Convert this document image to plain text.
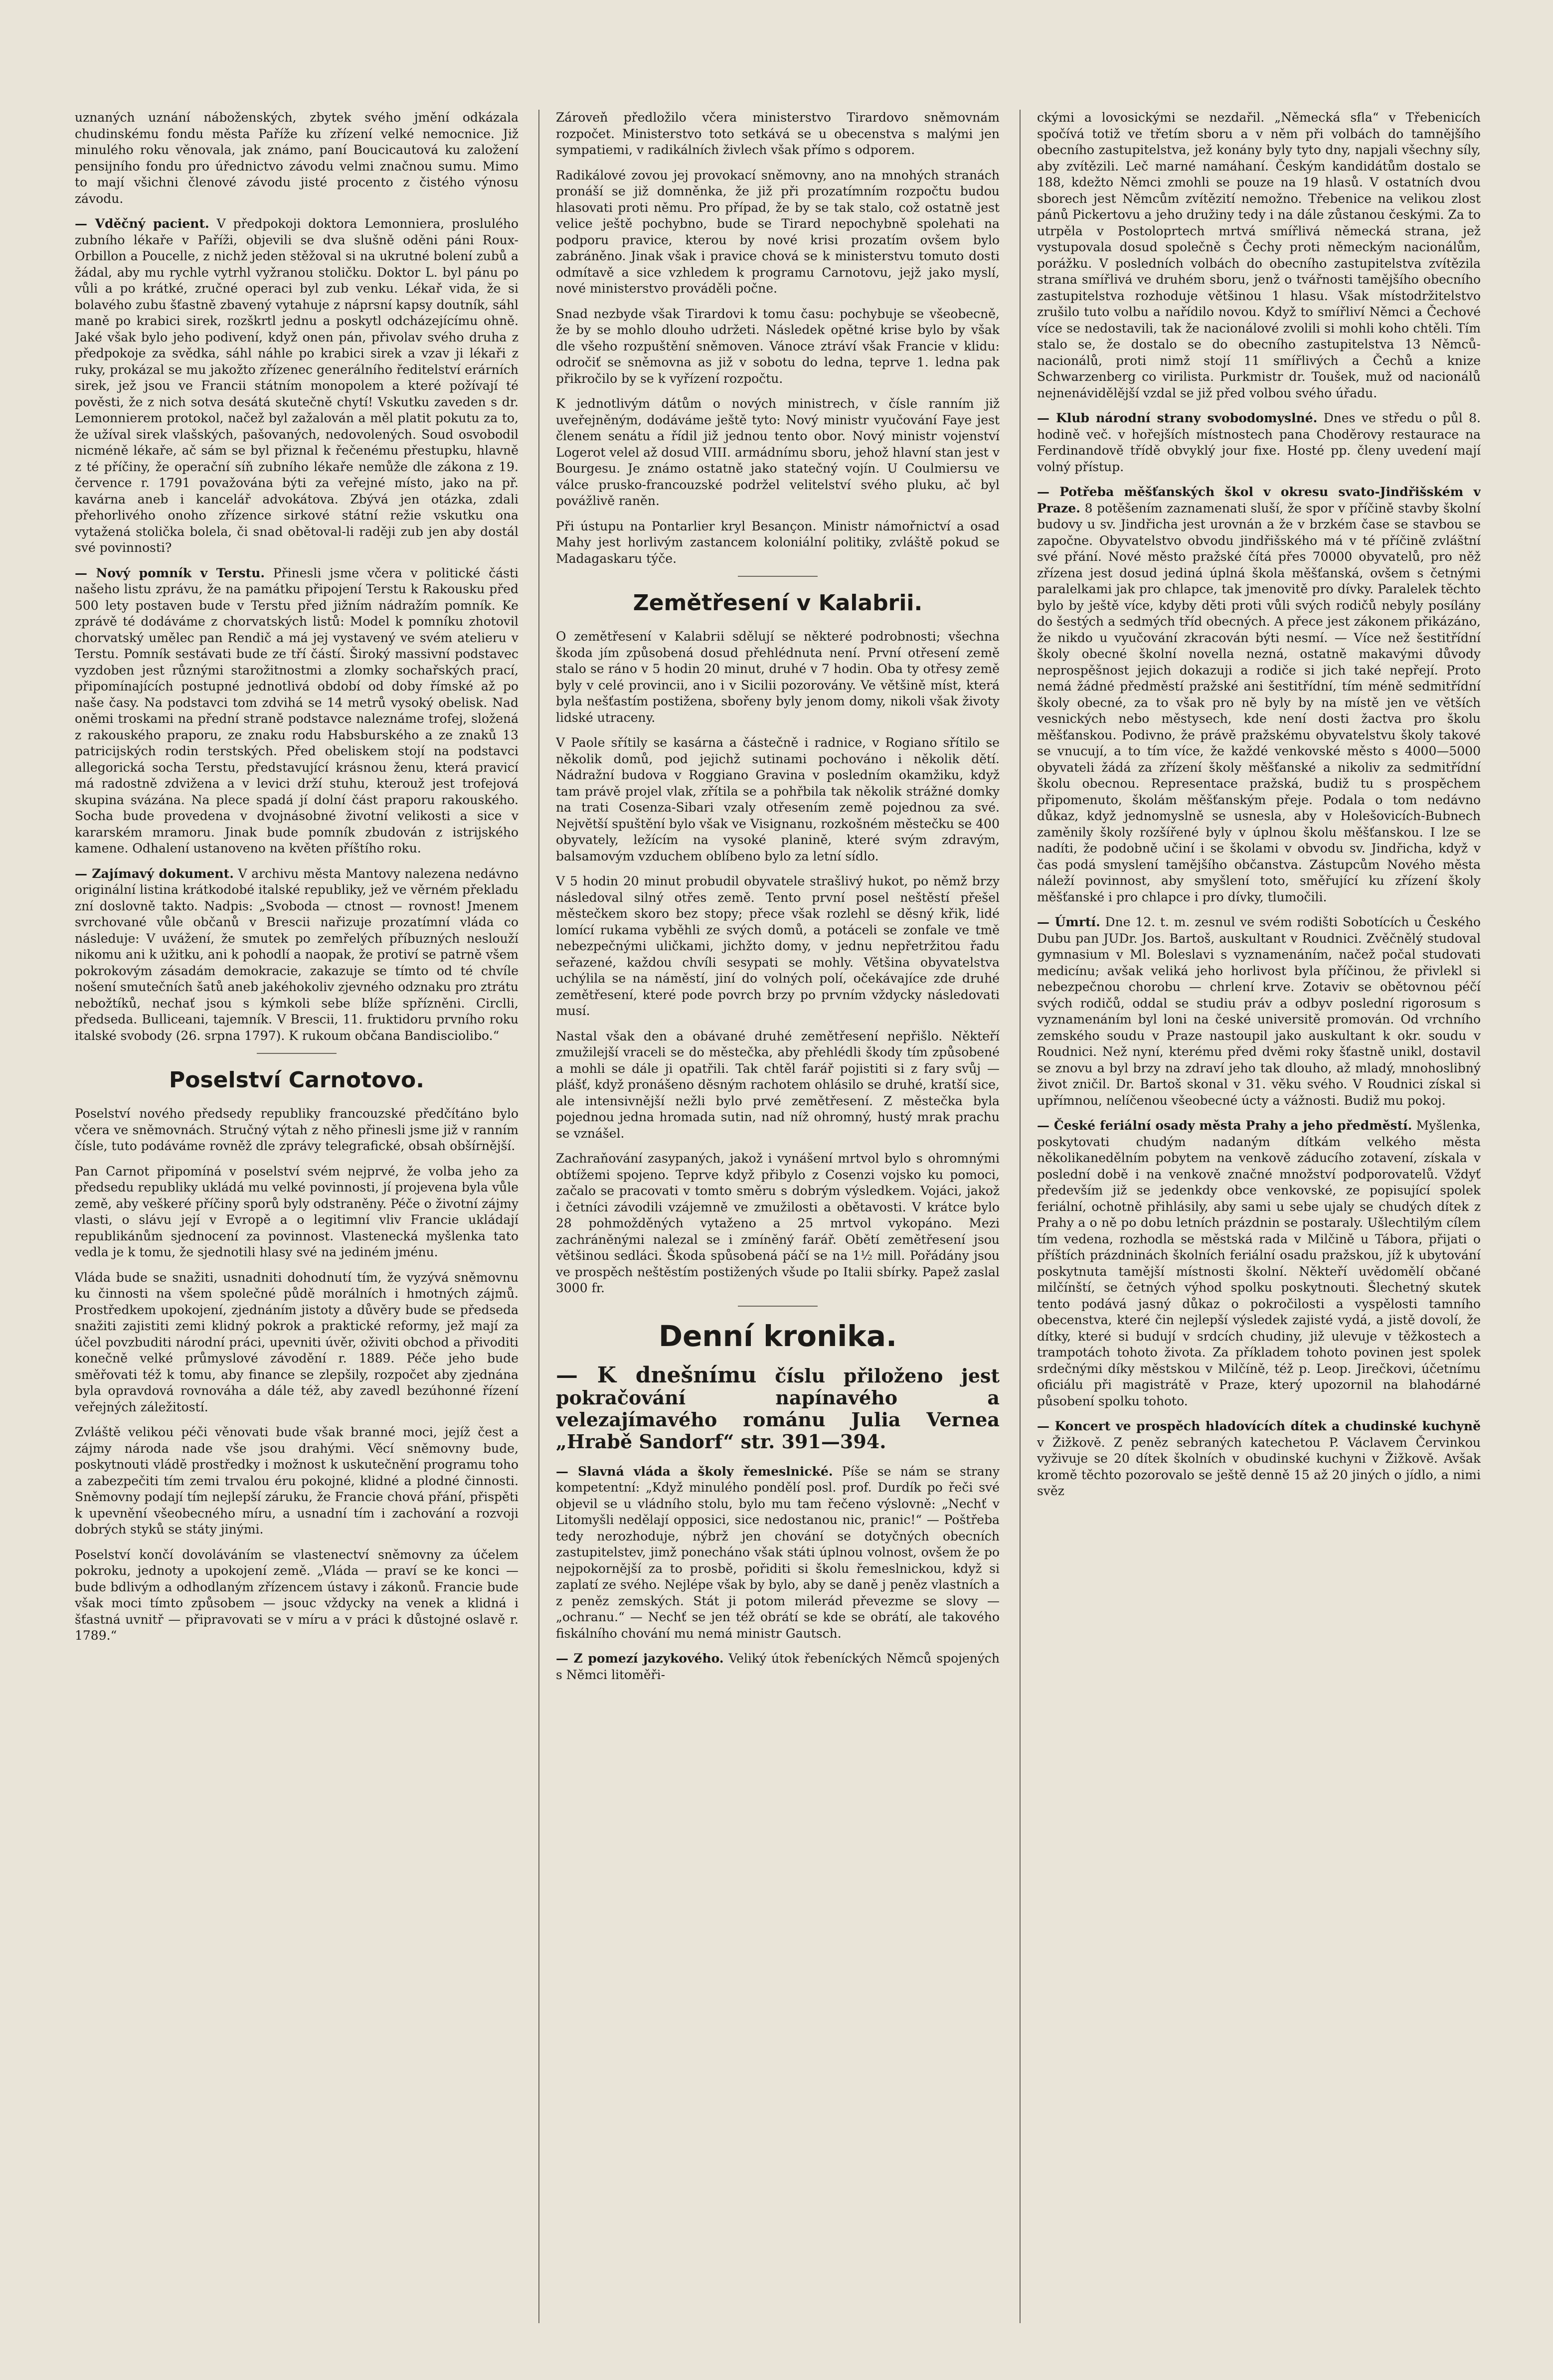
uznaných uznání náboženských, zbytek svého jmění odkázala chudinskému fondu města Paříže ku zřízení velké nemocnice. Již minulého roku věnovala, jak známo, paní Boucicautová ku založení pensijního fondu pro úřednictvo závodu velmi značnou sumu. Mimo to mají všichni členové závodu jisté procento z čistého výnosu závodu.

— Vděčný pacient. V předpokoji doktora Lemonniera, proslulého zubního lékaře v Paříži, objevili se dva slušně oděni páni Roux-Orbillon a Poucelle, z nichž jeden stěžoval si na ukrutné bolení zubů a žádal, aby mu rychle vytrhl vyžranou stoličku. Doktor L. byl pánu po vůli a po krátké, zručné operaci byl zub venku. Lékař vida, že si bolavého zubu šťastně zbavený vytahuje z náprsní kapsy doutník, sáhl maně po krabici sirek, rozškrtl jednu a poskytl odcházejícímu ohně. Jaké však bylo jeho podivení, když onen pán, přivolav svého druha z předpokoje za svědka, sáhl náhle po krabici sirek a vzav ji lékaři z ruky, prokázal se mu jakožto zřízenec generálního ředitelství erárních sirek, jež jsou ve Francii státním monopolem a které požívají té pověsti, že z nich sotva desátá skutečně chytí! Vskutku zaveden s dr. Lemonnierem protokol, načež byl zažalován a měl platit pokutu za to, že užíval sirek vlašských, pašovaných, nedovolených. Soud osvobodil nicméně lékaře, ač sám se byl přiznal k řečenému přestupku, hlavně z té příčiny, že operační síň zubního lékaře nemůže dle zákona z 19. července r. 1791 považována býti za veřejné místo, jako na př. kavárna aneb i kancelář advokátova. Zbývá jen otázka, zdali přehorlivého onoho zřízence sirkové státní režie vskutku ona vytažená stolička bolela, či snad obětoval-li raději zub jen aby dostál své povinnosti?

— Nový pomník v Terstu. Přinesli jsme včera v politické části našeho listu zprávu, že na památku připojení Terstu k Rakousku před 500 lety postaven bude v Terstu před jižním nádražím pomník. Ke zprávě té dodáváme z chorvatských listů: Model k pomníku zhotovil chorvatský umělec pan Rendič a má jej vystavený ve svém atelieru v Terstu. Pomník sestávati bude ze tří částí. Široký massivní podstavec vyzdoben jest různými starožitnostmi a zlomky sochařských prací, připomínajících postupné jednotlivá období od doby římské až po naše časy. Na podstavci tom zdvihá se 14 metrů vysoký obelisk. Nad oněmi troskami na přední straně podstavce naleznáme trofej, složená z rakouského praporu, ze znaku rodu Habsburského a ze znaků 13 patricijských rodin terstských. Před obeliskem stojí na podstavci allegorická socha Terstu, představující krásnou ženu, která pravicí má radostně zdvižena a v levici drží stuhu, kterouž jest trofejová skupina svázána. Na plece spadá jí dolní část praporu rakouského. Socha bude provedena v dvojnásobné životní velikosti a sice v kararském mramoru. Jinak bude pomník zbudován z istrijského kamene. Odhalení ustanoveno na květen příštího roku.

— Zajímavý dokument. V archivu města Mantovy nalezena nedávno originální listina krátkodobé italské republiky, jež ve věrném překladu zní doslovně takto. Nadpis: „Svoboda — ctnost — rovnost! Jmenem svrchované vůle občanů v Brescii nařizuje prozatímní vláda co následuje: V uvážení, že smutek po zemřelých příbuzných neslouží nikomu ani k užitku, ani k pohodlí a naopak, že protiví se patrně všem pokrokovým zásadám demokracie, zakazuje se tímto od té chvíle nošení smutečních šatů aneb jakéhokoliv zjevného odznaku pro ztrátu nebožtíků, nechať jsou s kýmkoli sebe blíže spřízněni. Circlli, předseda. Bulliceani, tajemník. V Brescii, 11. fruktidoru prvního roku italské svobody (26. srpna 1797). K rukoum občana Bandisciolibo.“

Poselství Carnotovo.

Poselství nového předsedy republiky francouzské předčítáno bylo včera ve sněmovnách. Stručný výtah z něho přinesli jsme již v ranním čísle, tuto podáváme rovněž dle zprávy telegrafické, obsah obšírnější.

Pan Carnot připomíná v poselství svém nejprvé, že volba jeho za předsedu republiky ukládá mu velké povinnosti, jí projevena byla vůle země, aby veškeré příčiny sporů byly odstraněny. Péče o životní zájmy vlasti, o slávu její v Evropě a o legitimní vliv Francie ukládají republikánům sjednocení za povinnost. Vlastenecká myšlenka tato vedla je k tomu, že sjednotili hlasy své na jediném jménu.

Vláda bude se snažiti, usnadniti dohodnutí tím, že vyzývá sněmovnu ku činnosti na všem společné půdě morálních i hmotných zájmů. Prostředkem upokojení, zjednáním jistoty a důvěry bude se předseda snažiti zajistiti zemi klidný pokrok a praktické reformy, jež mají za účel povzbuditi národní práci, upevniti úvěr, oživiti obchod a přivoditi konečně velké průmyslové závodění r. 1889. Péče jeho bude směřovati též k tomu, aby finance se zlepšily, rozpočet aby zjednána byla opravdová rovnováha a dále též, aby zavedl bezúhonné řízení veřejných záležitostí.

Zvláště velikou péči věnovati bude však branné moci, jejíž čest a zájmy národa nade vše jsou drahými. Věcí sněmovny bude, poskytnouti vládě prostředky i možnost k uskutečnění programu toho a zabezpečiti tím zemi trvalou éru pokojné, klidné a plodné činnosti. Sněmovny podají tím nejlepší záruku, že Francie chová přání, přispěti k upevnění všeobecného míru, a usnadní tím i zachování a rozvoji dobrých styků se státy jinými.

Poselství končí dovoláváním se vlastenectví sněmovny za účelem pokroku, jednoty a upokojení země. „Vláda — praví se ke konci — bude bdlivým a odhodlaným zřízencem ústavy i zákonů. Francie bude však moci tímto způsobem — jsouc vždycky na venek a klidná i šťastná uvnitř — připravovati se v míru a v práci k důstojné oslavě r. 1789.“

Zároveň předložilo včera ministerstvo Tirardovo sněmovnám rozpočet. Ministerstvo toto setkává se u obecenstva s malými jen sympatiemi, v radikálních živlech však přímo s odporem.

Radikálové zovou jej provokací sněmovny, ano na mnohých stranách pronáší se již domněnka, že již při prozatímním rozpočtu budou hlasovati proti němu. Pro případ, že by se tak stalo, což ostatně jest velice ještě pochybno, bude se Tirard nepochybně spolehati na podporu pravice, kterou by nové krisi prozatím ovšem bylo zabráněno. Jinak však i pravice chová se k ministerstvu tomuto dosti odmítavě a sice vzhledem k programu Carnotovu, jejž jako myslí, nové ministerstvo prováděli počne.

Snad nezbyde však Tirardovi k tomu času: pochybuje se všeobecně, že by se mohlo dlouho udržeti. Následek opětné krise bylo by však dle všeho rozpuštění sněmoven. Vánoce ztráví však Francie v klidu: odročiť se sněmovna as již v sobotu do ledna, teprve 1. ledna pak přikročilo by se k vyřízení rozpočtu.

K jednotlivým dátům o nových ministrech, v čísle ranním již uveřejněným, dodáváme ještě tyto: Nový ministr vyučování Faye jest členem senátu a řídil již jednou tento obor. Nový ministr vojenství Logerot velel až dosud VIII. armádnímu sboru, jehož hlavní stan jest v Bourgesu. Je známo ostatně jako statečný vojín. U Coulmiersu ve válce prusko-francouzské podržel velitelství svého pluku, ač byl povážlivě raněn.

Při ústupu na Pontarlier kryl Besançon. Ministr námořnictví a osad Mahy jest horlivým zastancem koloniální politiky, zvláště pokud se Madagaskaru týče.

Zemětřesení v Kalabrii.

O zemětřesení v Kalabrii sdělují se některé podrobnosti; všechna škoda jím způsobená dosud přehlédnuta není. První otřesení země stalo se ráno v 5 hodin 20 minut, druhé v 7 hodin. Oba ty otřesy země byly v celé provincii, ano i v Sicilii pozorovány. Ve většině míst, která byla nešťastím postižena, sbořeny byly jenom domy, nikoli však životy lidské utraceny.

V Paole sřítily se kasárna a částečně i radnice, v Rogiano sřítilo se několik domů, pod jejichž sutinami pochováno i několik dětí. Nádražní budova v Roggiano Gravina v posledním okamžiku, když tam právě projel vlak, zřítila se a pohřbila tak několik strážné domky na trati Cosenza-Sibari vzaly otřesením země pojednou za své. Největší spuštění bylo však ve Visignanu, rozkošném městečku se 400 obyvately, ležícím na vysoké planině, které svým zdravým, balsamovým vzduchem oblíbeno bylo za letní sídlo.

V 5 hodin 20 minut probudil obyvatele strašlivý hukot, po němž brzy následoval silný otřes země. Tento první posel neštěstí přešel městečkem skoro bez stopy; přece však rozlehl se děsný křik, lidé lomící rukama vyběhli ze svých domů, a potáceli se zonfale ve tmě nebezpečnými uličkami, jichžto domy, v jednu nepřetržitou řadu seřazené, každou chvíli sesypati se mohly. Většina obyvatelstva uchýlila se na náměstí, jiní do volných polí, očekávajíce zde druhé zemětřesení, které pode povrch brzy po prvním vždycky následovati musí.

Nastal však den a obávané druhé zemětřesení nepřišlo. Někteří zmužilejší vraceli se do městečka, aby přehlédli škody tím způsobené a mohli se dále ji opatřili. Tak chtěl farář pojistiti si z fary svůj — plášť, když pronášeno děsným rachotem ohlásilo se druhé, kratší sice, ale intensivnější nežli bylo prvé zemětřesení. Z městečka byla pojednou jedna hromada sutin, nad níž ohromný, hustý mrak prachu se vznášel.

Zachraňování zasypaných, jakož i vynášení mrtvol bylo s ohromnými obtížemi spojeno. Teprve když přibylo z Cosenzi vojsko ku pomoci, začalo se pracovati v tomto směru s dobrým výsledkem. Vojáci, jakož i četníci závodili vzájemně ve zmužilosti a obětavosti. V krátce bylo 28 pohmožděných vytaženo a 25 mrtvol vykopáno. Mezi zachráněnými nalezal se i zmíněný farář. Obětí zemětřesení jsou většinou sedláci. Škoda spůsobená páčí se na 1½ mill. Pořádány jsou ve prospěch neštěstím postižených všude po Italii sbírky. Papež zaslal 3000 fr.

Denní kronika.

— K dnešnímu číslu přiloženo jest pokračování napínavého a velezajímavého románu Julia Vernea „Hrabě Sandorf“ str. 391—394.

— Slavná vláda a školy řemeslnické. Píše se nám se strany kompetentní: „Když minulého pondělí posl. prof. Durdík po řeči své objevil se u vládního stolu, bylo mu tam řečeno výslovně: „Nechť v Litomyšli nedělají opposici, sice nedostanou nic, pranic!“ — Poštřeba tedy nerozhoduje, nýbrž jen chování se dotyčných obecních zastupitelstev, jimž ponecháno však státi úplnou volnost, ovšem že po nejpokornější za to prosbě, pořiditi si školu řemeslnickou, když si zaplatí ze svého. Nejlépe však by bylo, aby se daně j peněz vlastních a z peněz zemských. Stát ji potom milerád převezme se slovy — „ochranu.“ — Nechť se jen též obrátí se kde se obrátí, ale takového fiskálního chování mu nemá ministr Gautsch.

— Z pomezí jazykového. Veliký útok řebeníckých Němců spojených s Němci litoměři-

ckými a lovosickými se nezdařil. „Německá sfla“ v Třebenicích spočívá totiž ve třetím sboru a v něm při volbách do tamnějšího obecního zastupitelstva, jež konány byly tyto dny, napjali všechny síly, aby zvítězili. Leč marné namáhaní. Českým kandidátům dostalo se 188, kdežto Němci zmohli se pouze na 19 hlasů. V ostatních dvou sborech jest Němcům zvítězití nemožno. Třebenice na velikou zlost pánů Pickertovu a jeho družiny tedy i na dále zůstanou českými. Za to utrpěla v Postoloprtech mrtvá smířlivá německá strana, jež vystupovala dosud společně s Čechy proti německým nacionálům, porážku. V posledních volbách do obecního zastupitelstva zvítězila strana smířlivá ve druhém sboru, jenž o tvářnosti tamějšího obecního zastupitelstva rozhoduje většinou 1 hlasu. Však místodržitelstvo zrušilo tuto volbu a nařídilo novou. Když to smířliví Němci a Čechové více se nedostavili, tak že nacionálové zvolili si mohli koho chtěli. Tím stalo se, že dostalo se do obecního zastupitelstva 13 Němců-nacionálů, proti nimž stojí 11 smířlivých a Čechů a knize Schwarzenberg co virilista. Purkmistr dr. Toušek, muž od nacionálů nejnenávidělější vzdal se již před volbou svého úřadu.

— Klub národní strany svobodomyslné. Dnes ve středu o půl 8. hodině več. v hořejších místnostech pana Choděrovy restaurace na Ferdinandově třídě obvyklý jour fixe. Hosté pp. členy uvedení mají volný přístup.

— Potřeba měšťanských škol v okresu svato-Jindřišském v Praze. 8 potěšením zaznamenati sluší, že spor v příčině stavby školní budovy u sv. Jindřicha jest urovnán a že v brzkém čase se stavbou se započne. Obyvatelstvo obvodu jindřišského má v té příčině zvláštní své přání. Nové město pražské čítá přes 70000 obyvatelů, pro něž zřízena jest dosud jediná úplná škola měšťanská, ovšem s četnými paralelkami jak pro chlapce, tak jmenovitě pro dívky. Paralelek těchto bylo by ještě více, kdyby děti proti vůli svých rodičů nebyly posílány do šestých a sedmých tříd obecných. A přece jest zákonem přikázáno, že nikdo u vyučování zkracován býti nesmí. — Více než šestitřídní školy obecné školní novella nezná, ostatně makavými důvody neprospěšnost jejich dokazuji a rodiče si jich také nepřejí. Proto nemá žádné předměstí pražské ani šestitřídní, tím méně sedmitřídní školy obecné, za to však pro ně byly by na místě jen ve větších vesnických nebo městysech, kde není dosti žactva pro školu měšťanskou. Podivno, že právě pražskému obyvatelstvu školy takové se vnucují, a to tím více, že každé venkovské město s 4000—5000 obyvateli žádá za zřízení školy měšťanské a nikoliv za sedmitřídní školu obecnou. Representace pražská, budiž tu s prospěchem připomenuto, školám měšťanským přeje. Podala o tom nedávno důkaz, když jednomyslně se usnesla, aby v Holešovicích-Bubnech zaměnily školy rozšířené byly v úplnou školu měšťanskou. I lze se nadíti, že podobně učiní i se školami v obvodu sv. Jindřicha, když v čas podá smyslení tamějšího občanstva. Zástupcům Nového města náleží povinnost, aby smyšlení toto, směřující ku zřízení školy měšťanské i pro chlapce i pro dívky, tlumočili.

— Úmrtí. Dne 12. t. m. zesnul ve svém rodišti Sobotících u Českého Dubu pan JUDr. Jos. Bartoš, auskultant v Roudnici. Zvěčnělý studoval gymnasium v Ml. Boleslavi s vyznamenáním, načež počal studovati medicínu; avšak veliká jeho horlivost byla příčinou, že přivlekl si nebezpečnou chorobu — chrlení krve. Zotaviv se obětovnou péčí svých rodičů, oddal se studiu práv a odbyv poslední rigorosum s vyznamenáním byl loni na české universitě promován. Od vrchního zemského soudu v Praze nastoupil jako auskultant k okr. soudu v Roudnici. Než nyní, kterému před dvěmi roky šťastně unikl, dostavil se znovu a byl brzy na zdraví jeho tak dlouho, až mladý, mnohoslibný život zničil. Dr. Bartoš skonal v 31. věku svého. V Roudnici získal si upřímnou, nelíčenou všeobecné úcty a vážnosti. Budiž mu pokoj.

— České feriální osady města Prahy a jeho předměstí. Myšlenka, poskytovati chudým nadaným dítkám velkého města několikanedělním pobytem na venkově záducího zotavení, získala v poslední době i na venkově značné množství podporovatelů. Vždyť především již se jedenkdy obce venkovské, ze popisující spolek feriální, ochotně přihlásily, aby sami u sebe ujaly se chudých dítek z Prahy a o ně po dobu letních prázdnin se postaraly. Ušlechtilým cílem tím vedena, rozhodla se městská rada v Milčině u Tábora, přijati o příštích prázdninách školních feriální osadu pražskou, jíž k ubytování poskytnuta tamější místnosti školní. Někteří uvědomělí občané milčínští, se četných výhod spolku poskytnouti. Šlechetný skutek tento podává jasný důkaz o pokročilosti a vyspělosti tamního obecenstva, které čin nejlepší výsledek zajisté vydá, a jistě dovolí, že dítky, které si budují v srdcích chudiny, již ulevuje v těžkostech a trampotách tohoto života. Za příkladem tohoto povinen jest spolek srdečnými díky městskou v Milčíně, též p. Leop. Jirečkovi, účetnímu oficiálu při magistrátě v Praze, který upozornil na blahodárné působení spolku tohoto.

— Koncert ve prospěch hladovících dítek a chudinské kuchyně v Žižkově. Z peněz sebraných katechetou P. Václavem Červinkou vyživuje se 20 dítek školních v obudinské kuchyni v Žižkově. Avšak kromě těchto pozorovalo se ještě denně 15 až 20 jiných o jídlo, a nimi svěz
